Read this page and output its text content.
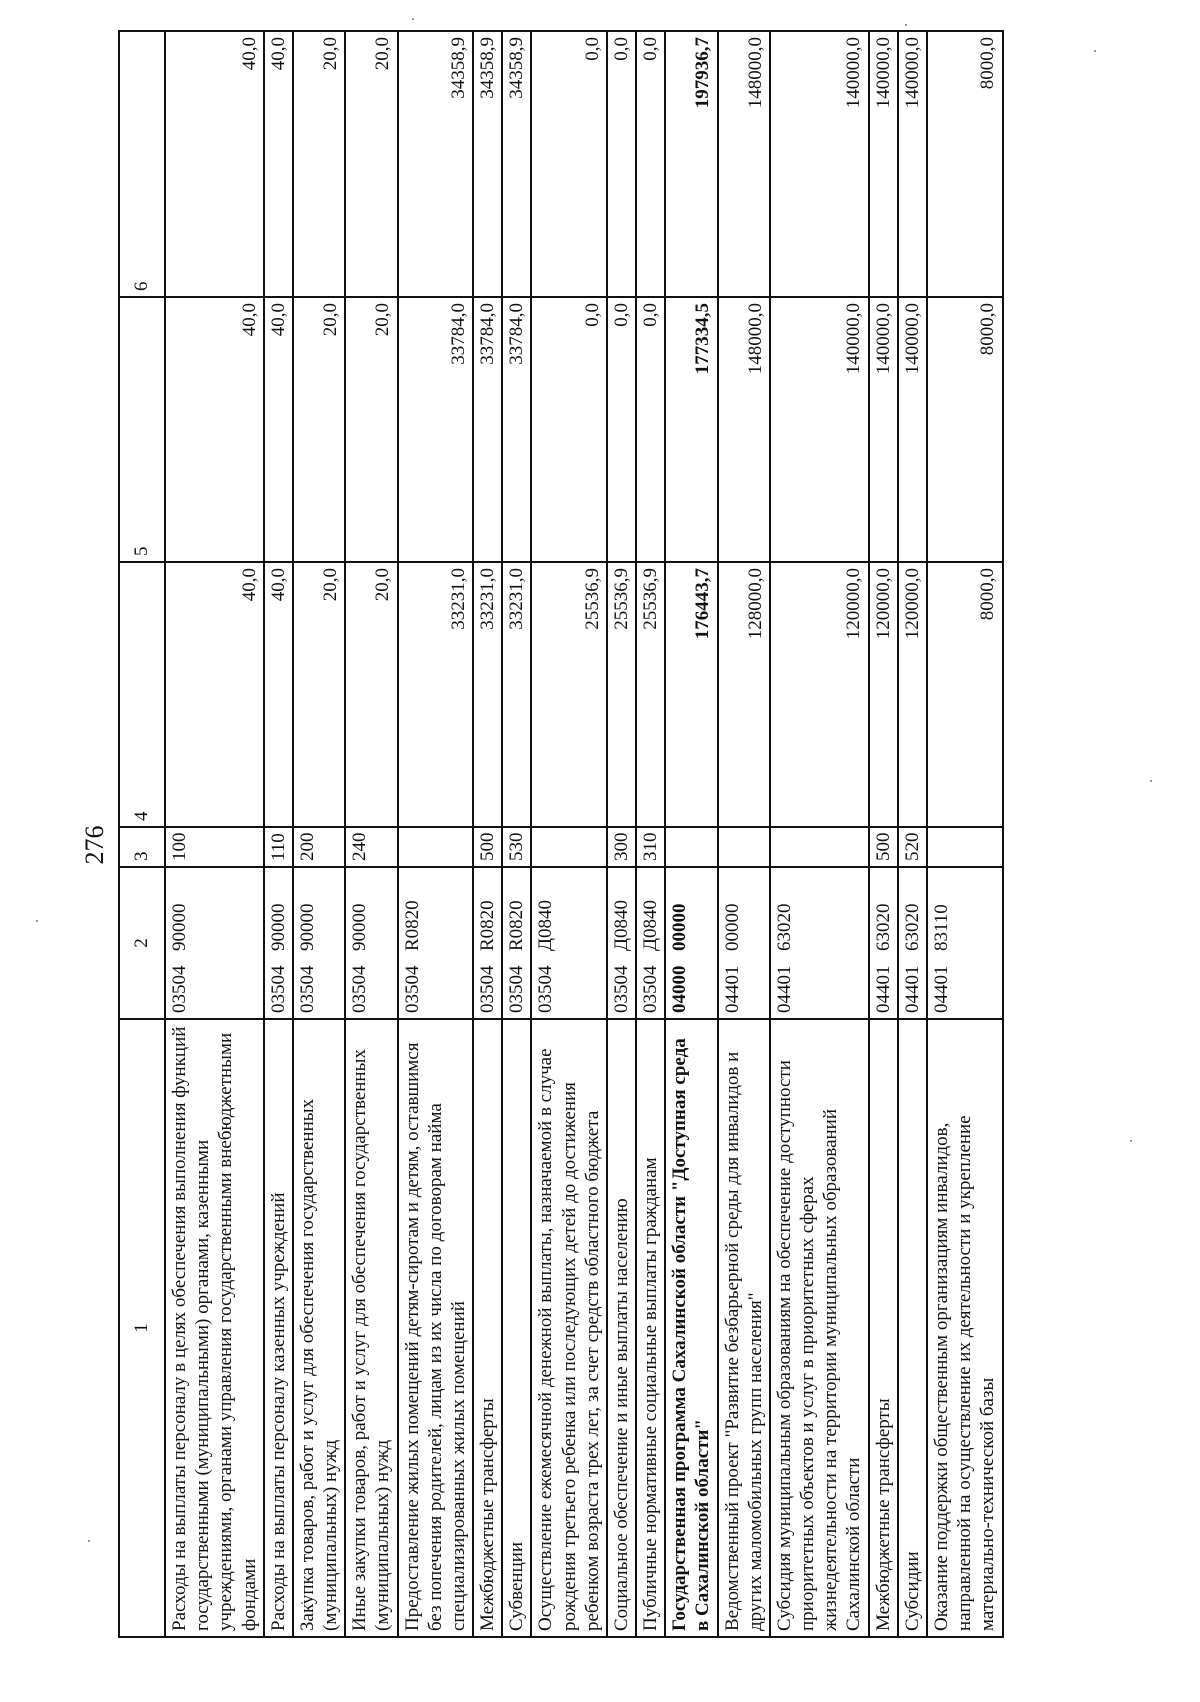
276
1	2	3	4	5	6
Расходы на выплаты персоналу в целях обеспечения выполнения функций государственными (муниципальными) органами, казенными учреждениями, органами управления государственными внебюджетными фондами	0350490000	100	40,0	40,0	40,0
Расходы на выплаты персоналу казенных учреждений	0350490000	110	40,0	40,0	40,0
Закупка товаров, работ и услуг для обеспечения государственных (муниципальных) нужд	0350490000	200	20,0	20,0	20,0
Иные закупки товаров, работ и услуг для обеспечения государственных (муниципальных) нужд	0350490000	240	20,0	20,0	20,0
Предоставление жилых помещений детям-сиротам и детям, оставшимся без попечения родителей, лицам из их числа по договорам найма специализированных жилых помещений	03504R0820		33231,0	33784,0	34358,9
Межбюджетные трансферты	03504R0820	500	33231,0	33784,0	34358,9
Субвенции	03504R0820	530	33231,0	33784,0	34358,9
Осуществление ежемесячной денежной выплаты, назначаемой в случае рождения третьего ребенка или последующих детей до достижения ребенком возраста трех лет, за счет средств областного бюджета	03504Д0840		25536,9	0,0	0,0
Социальное обеспечение и иные выплаты населению	03504Д0840	300	25536,9	0,0	0,0
Публичные нормативные социальные выплаты гражданам	03504Д0840	310	25536,9	0,0	0,0
Государственная программа Сахалинской области "Доступная среда в Сахалинской области"	0400000000		176443,7	177334,5	197936,7
Ведомственный проект "Развитие безбарьерной среды для инвалидов и других маломобильных групп населения"	0440100000		128000,0	148000,0	148000,0
Субсидия муниципальным образованиям на обеспечение доступности приоритетных объектов и услуг в приоритетных сферах жизнедеятельности на территории муниципальных образований Сахалинской области	0440163020		120000,0	140000,0	140000,0
Межбюджетные трансферты	0440163020	500	120000,0	140000,0	140000,0
Субсидии	0440163020	520	120000,0	140000,0	140000,0
Оказание поддержки общественным организациям инвалидов, направленной на осуществление их деятельности и укрепление материально-технической базы	0440183110		8000,0	8000,0	8000,0
